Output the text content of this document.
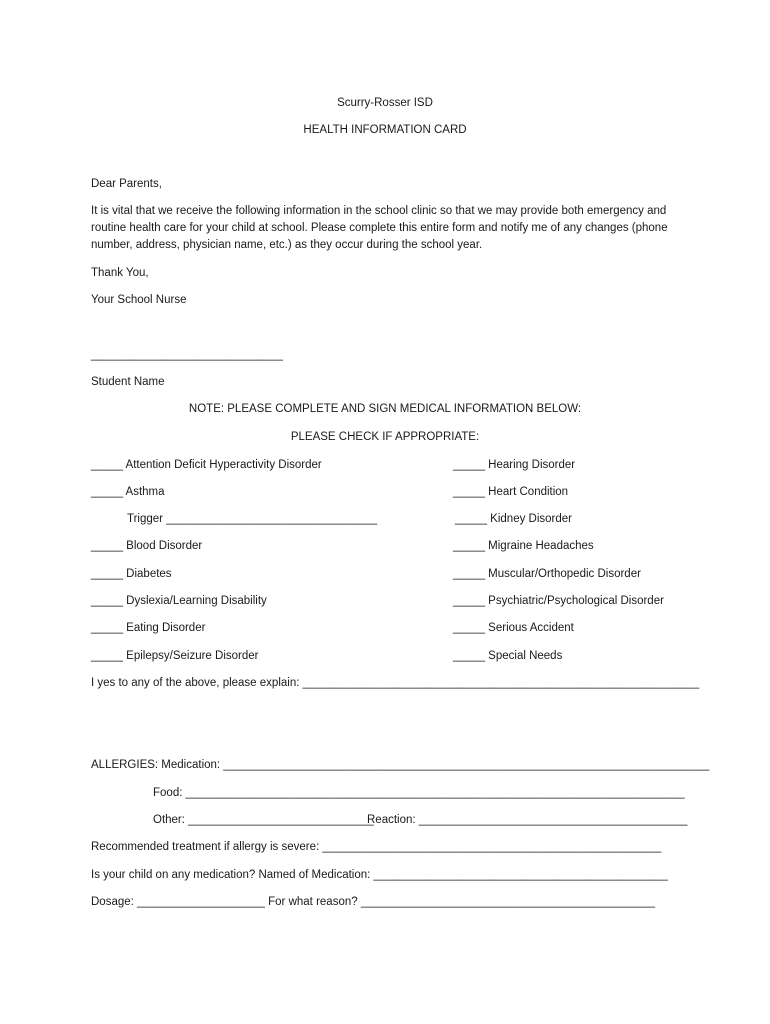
Scurry-Rosser ISD
HEALTH INFORMATION CARD
Dear Parents,
It is vital that we receive the following information in the school clinic so that we may provide both emergency and routine health care for your child at school. Please complete this entire form and notify me of any changes (phone number, address, physician name, etc.) as they occur during the school year.
Thank You,
Your School Nurse
______________________________
Student Name
NOTE: PLEASE COMPLETE AND SIGN MEDICAL INFORMATION BELOW:
PLEASE CHECK IF APPROPRIATE:
_____ Attention Deficit Hyperactivity Disorder
_____ Asthma
Trigger _________________________________
_____ Blood Disorder
_____ Diabetes
_____ Dyslexia/Learning Disability
_____ Eating Disorder
_____ Epilepsy/Seizure Disorder
_____ Hearing Disorder
_____ Heart Condition
_____ Kidney Disorder
_____ Migraine Headaches
_____ Muscular/Orthopedic Disorder
_____ Psychiatric/Psychological Disorder
_____ Serious Accident
_____ Special Needs
I yes to any of the above, please explain: ______________________________________________________________
ALLERGIES: Medication: ____________________________________________________________________________
Food: ______________________________________________________________________________
Other: _____________________________
Reaction: __________________________________________
Recommended treatment if allergy is severe: _____________________________________________________
Is your child on any medication? Named of Medication: ______________________________________________
Dosage: ____________________ For what reason? ______________________________________________
